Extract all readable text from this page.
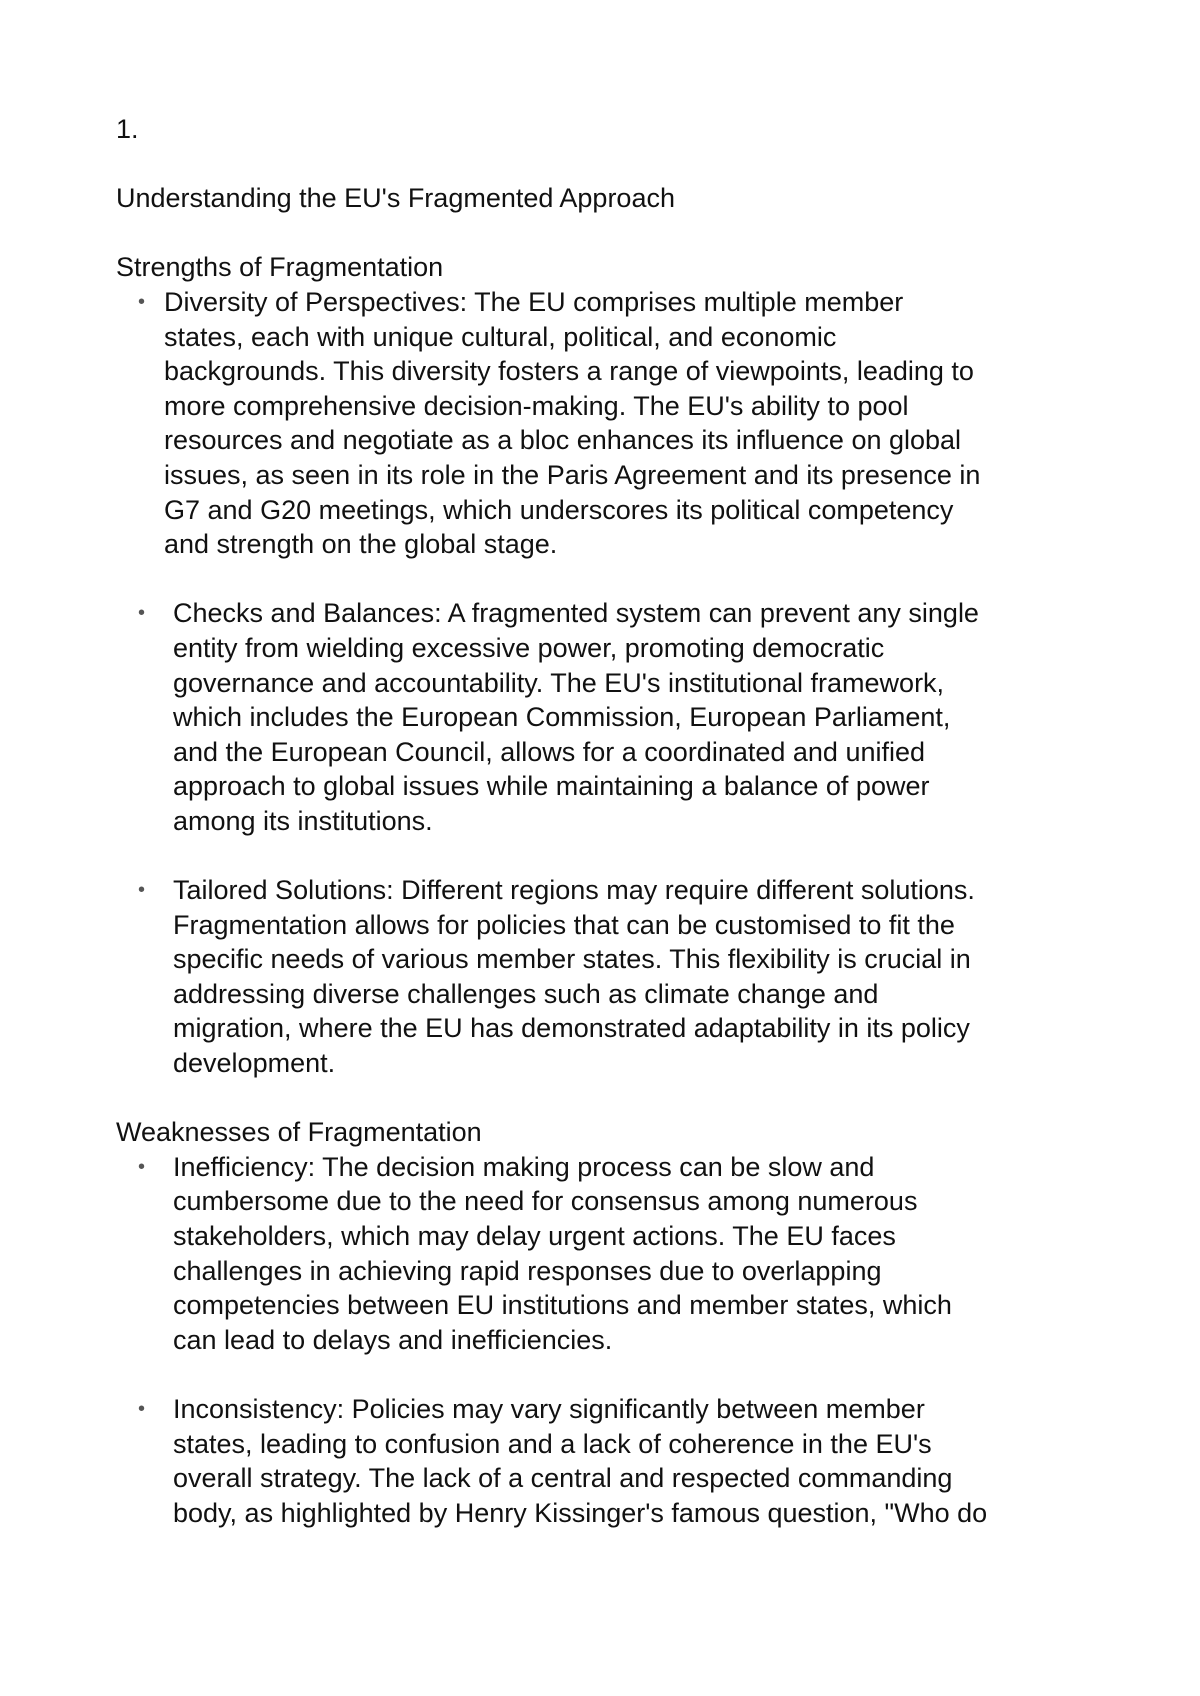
1.

Understanding the EU's Fragmented Approach

Strengths of Fragmentation

• Diversity of Perspectives: The EU comprises multiple member
states, each with unique cultural, political, and economic
backgrounds. This diversity fosters a range of viewpoints, leading to
more comprehensive decision-making. The EU's ability to pool
resources and negotiate as a bloc enhances its influence on global
issues, as seen in its role in the Paris Agreement and its presence in
G7 and G20 meetings, which underscores its political competency
and strength on the global stage.
• Checks and Balances: A fragmented system can prevent any single
entity from wielding excessive power, promoting democratic
governance and accountability. The EU's institutional framework,
which includes the European Commission, European Parliament,
and the European Council, allows for a coordinated and unified
approach to global issues while maintaining a balance of power
among its institutions.
• Tailored Solutions: Different regions may require different solutions.
Fragmentation allows for policies that can be customised to fit the
specific needs of various member states. This flexibility is crucial in
addressing diverse challenges such as climate change and
migration, where the EU has demonstrated adaptability in its policy
development.

Weaknesses of Fragmentation

• Inefficiency: The decision making process can be slow and
cumbersome due to the need for consensus among numerous
stakeholders, which may delay urgent actions. The EU faces
challenges in achieving rapid responses due to overlapping
competencies between EU institutions and member states, which
can lead to delays and inefficiencies.
• Inconsistency: Policies may vary significantly between member
states, leading to confusion and a lack of coherence in the EU's
overall strategy. The lack of a central and respected commanding
body, as highlighted by Henry Kissinger's famous question, "Who do
